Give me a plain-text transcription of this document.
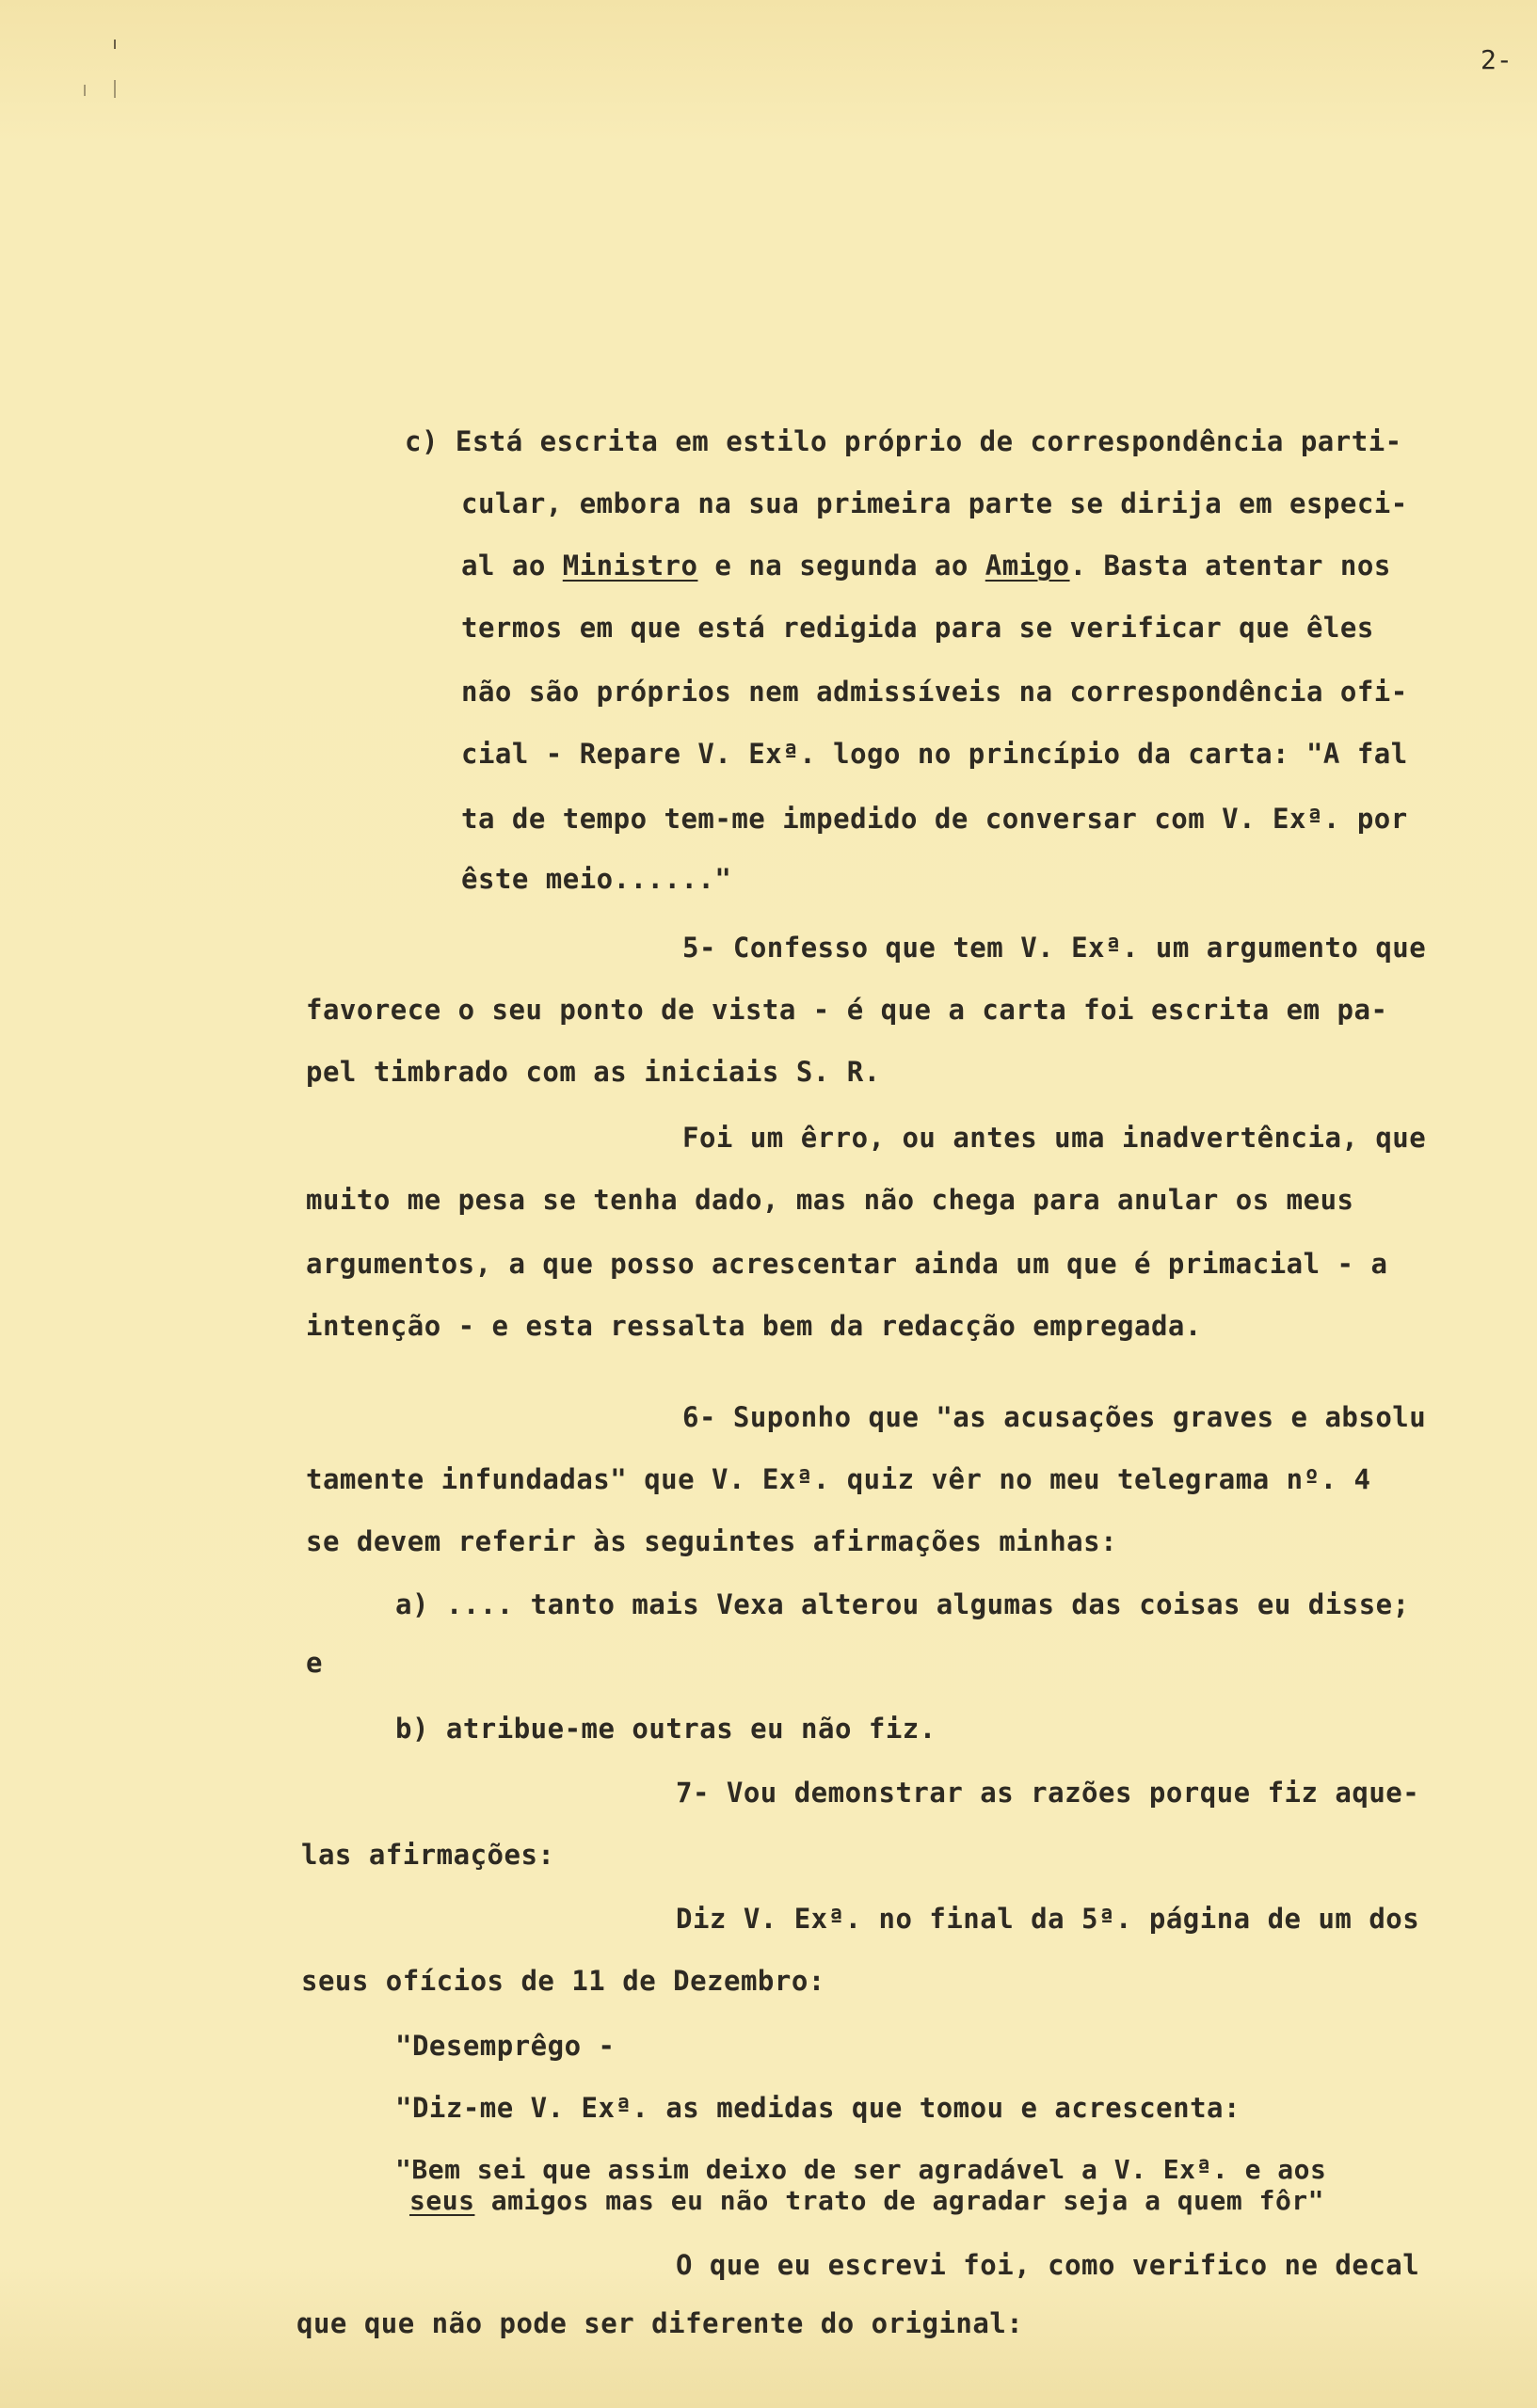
2-
c) Está escrita em estilo próprio de correspondência parti-
cular, embora na sua primeira parte se dirija em especi-
al ao Ministro e na segunda ao Amigo. Basta atentar nos
termos em que está redigida para se verificar que êles
não são próprios nem admissíveis na correspondência ofi-
cial - Repare V. Exª. logo no princípio da carta: "A fal
ta de tempo tem-me impedido de conversar com V. Exª. por
êste meio......"
5- Confesso que tem V. Exª. um argumento que
favorece o seu ponto de vista - é que a carta foi escrita em pa-
pel timbrado com as iniciais S. R.
Foi um êrro, ou antes uma inadvertência, que
muito me pesa se tenha dado, mas não chega para anular os meus
argumentos, a que posso acrescentar ainda um que é primacial - a
intenção - e esta ressalta bem da redacção empregada.
6- Suponho que "as acusações graves e absolu
tamente infundadas" que V. Exª. quiz vêr no meu telegrama nº. 4
se devem referir às seguintes afirmações minhas:
a) .... tanto mais Vexa alterou algumas das coisas eu disse;
e
b) atribue-me outras eu não fiz.
7- Vou demonstrar as razões porque fiz aque-
las afirmações:
Diz V. Exª. no final da 5ª. página de um dos
seus ofícios de 11 de Dezembro:
"Desemprêgo -
"Diz-me V. Exª. as medidas que tomou e acrescenta:
"Bem sei que assim deixo de ser agradável a V. Exª. e aos
seus amigos mas eu não trato de agradar seja a quem fôr"
O que eu escrevi foi, como verifico ne decal
que que não pode ser diferente do original:
